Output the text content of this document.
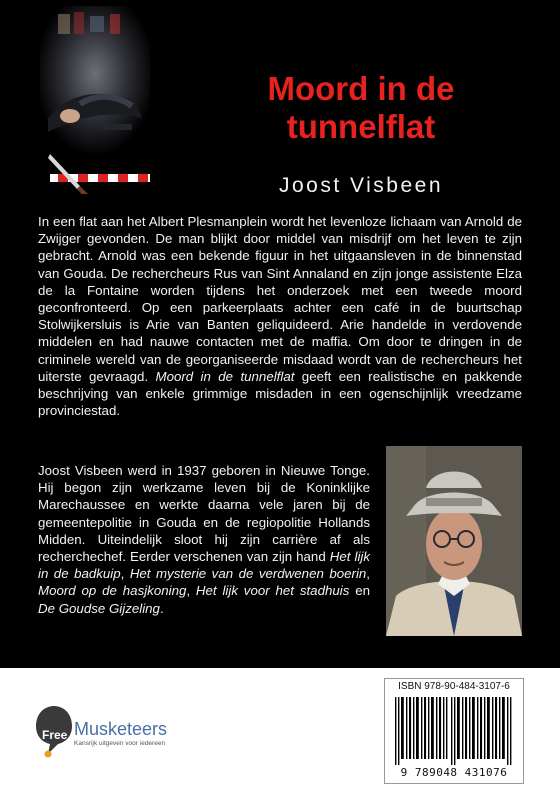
Moord in de tunnelflat

Joost Visbeen

In een flat aan het Albert Plesmanplein wordt het levenloze lichaam van Arnold de Zwijger gevonden. De man blijkt door middel van misdrijf om het leven te zijn gebracht. Arnold was een bekende figuur in het uitgaansleven in de binnenstad van Gouda. De rechercheurs Rus van Sint Annaland en zijn jonge assistente Elza de la Fontaine worden tijdens het onderzoek met een tweede moord geconfronteerd. Op een parkeerplaats achter een café in de buurtschap Stolwijkersluis is Arie van Banten geliquideerd. Arie handelde in verdovende middelen en had nauwe contacten met de maffia. Om door te dringen in de criminele wereld van de georganiseerde misdaad wordt van de rechercheurs het uiterste gevraagd. Moord in de tunnelflat geeft een realistische en pakkende beschrijving van enkele grimmige misdaden in een ogenschijnlijk vreedzame provinciestad.

Joost Visbeen werd in 1937 geboren in Nieuwe Tonge. Hij begon zijn werkzame leven bij de Koninklijke Marechaussee en werkte daarna vele jaren bij de gemeentepolitie in Gouda en de regiopolitie Hollands Midden. Uiteindelijk sloot hij zijn carrière af als recherchechef. Eerder verschenen van zijn hand Het lijk in de badkuip, Het mysterie van de verdwenen boerin, Moord op de hasjkoning, Het lijk voor het stadhuis en De Goudse Gijzeling.

Free Musketeers
Kansrijk uitgeven voor iedereen
ISBN 978-90-484-3107-6
9 789048 431076
